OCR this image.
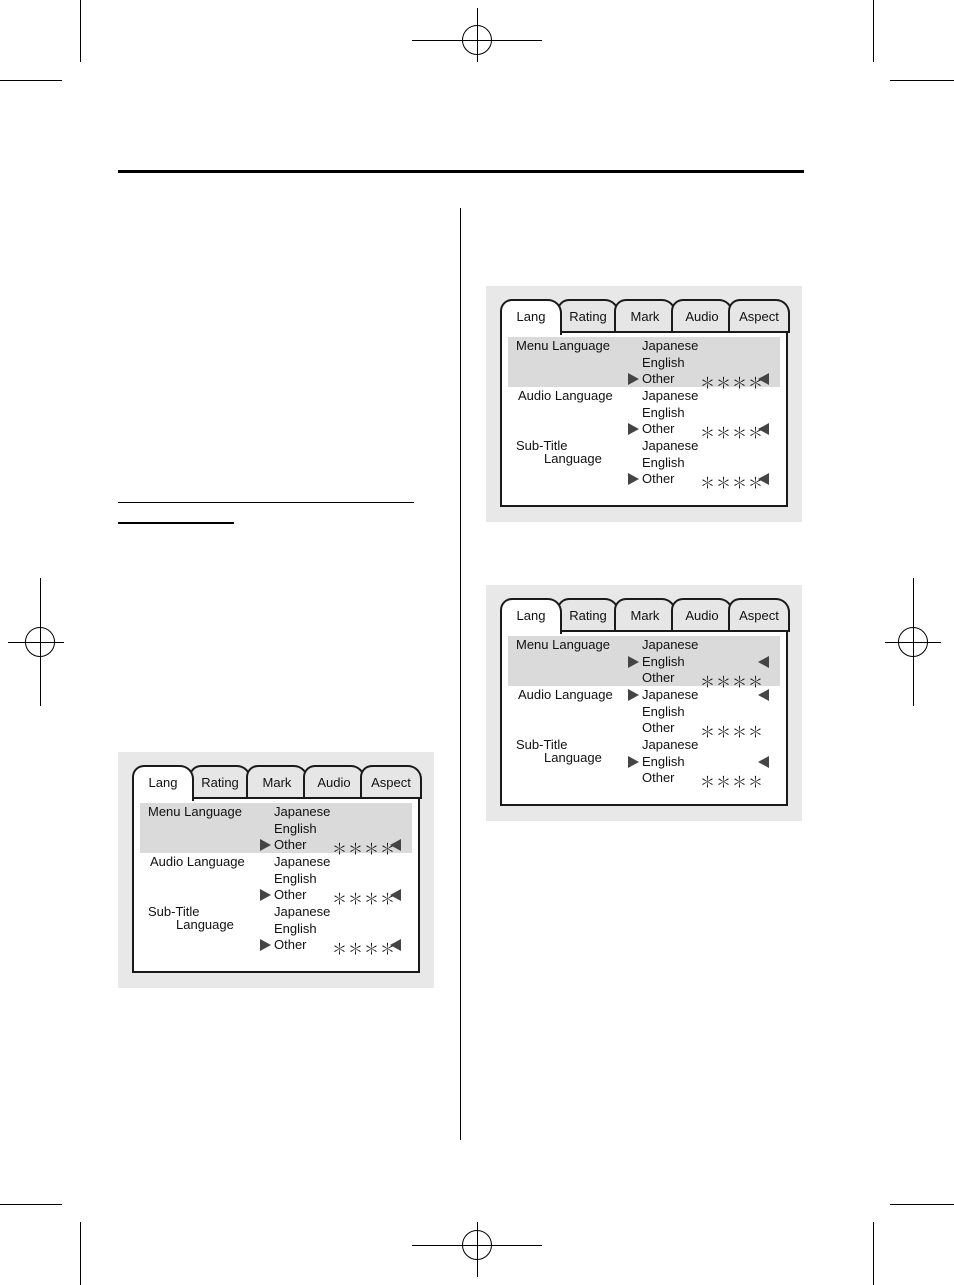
Lang	Rating	Mark	Audio	Aspect
Menu Language Japanese
English
Other ＊＊＊＊
Audio Language Japanese
English
Other ＊＊＊＊
Sub-Title
Language
Japanese
English
Other ＊＊＊＊
Lang	Rating	Mark	Audio	Aspect
Menu Language Japanese
English
Other ＊＊＊＊
Audio Language Japanese
English
Other ＊＊＊＊
Sub-Title
Language
Japanese
English
Other ＊＊＊＊
Lang	Rating	Mark	Audio	Aspect
Menu Language Japanese
English
Other ＊＊＊＊
Audio Language Japanese
English
Other ＊＊＊＊
Sub-Title
Language
Japanese
English
Other ＊＊＊＊
